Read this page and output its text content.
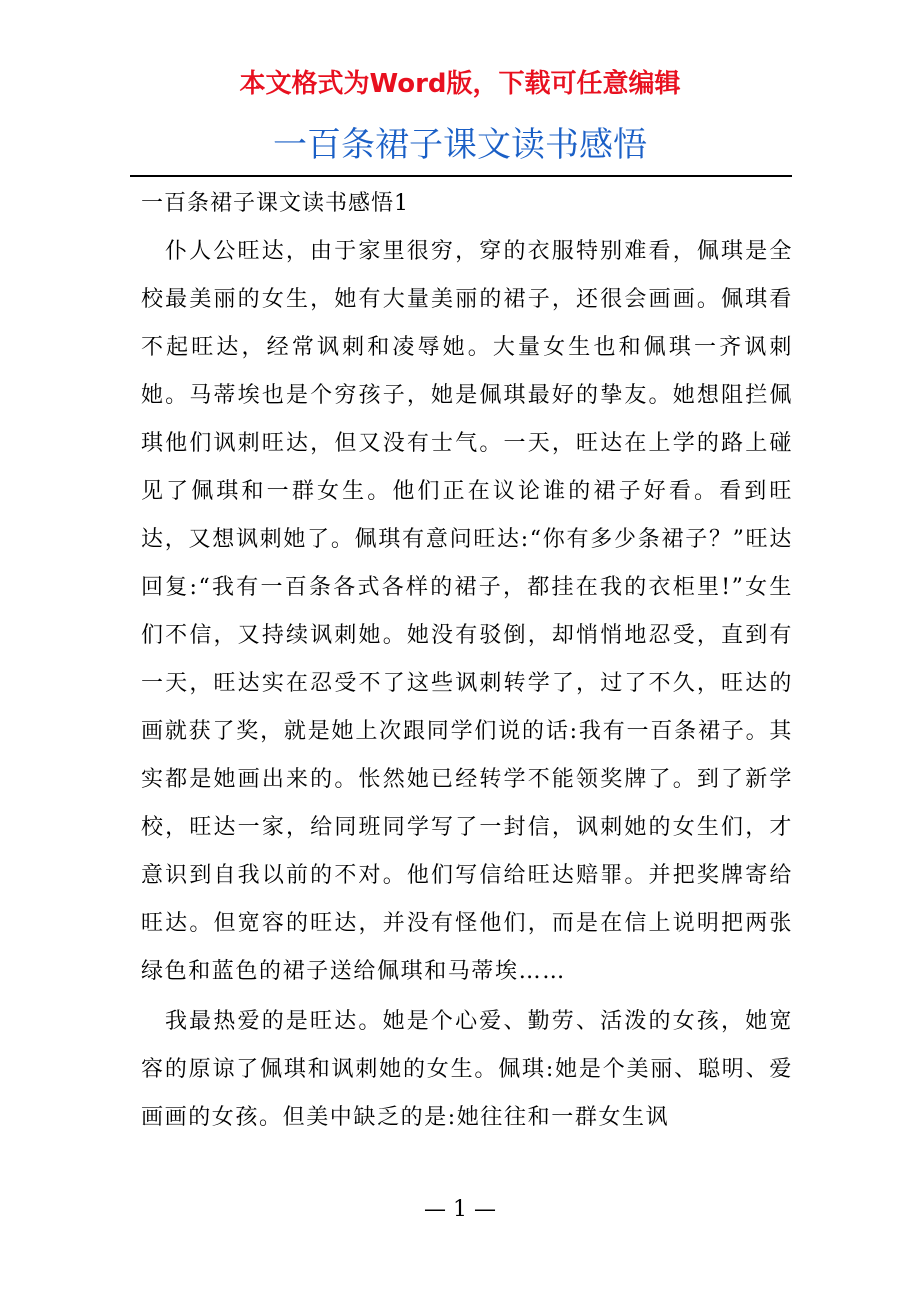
本文格式为Word版，下载可任意编辑
一百条裙子课文读书感悟

一百条裙子课文读书感悟1

仆人公旺达，由于家里很穷，穿的衣服特别难看，佩琪是全校最美丽的女生，她有大量美丽的裙子，还很会画画。佩琪看不起旺达，经常讽刺和凌辱她。大量女生也和佩琪一齐讽刺她。马蒂埃也是个穷孩子，她是佩琪最好的挚友。她想阻拦佩琪他们讽刺旺达，但又没有士气。一天，旺达在上学的路上碰见了佩琪和一群女生。他们正在议论谁的裙子好看。看到旺达，又想讽刺她了。佩琪有意问旺达:“你有多少条裙子？”旺达回复:“我有一百条各式各样的裙子，都挂在我的衣柜里!”女生们不信，又持续讽刺她。她没有驳倒，却悄悄地忍受，直到有一天，旺达实在忍受不了这些讽刺转学了，过了不久，旺达的画就获了奖，就是她上次跟同学们说的话:我有一百条裙子。其实都是她画出来的。怅然她已经转学不能领奖牌了。到了新学校，旺达一家，给同班同学写了一封信，讽刺她的女生们，才意识到自我以前的不对。他们写信给旺达赔罪。并把奖牌寄给旺达。但宽容的旺达，并没有怪他们，而是在信上说明把两张绿色和蓝色的裙子送给佩琪和马蒂埃……

我最热爱的是旺达。她是个心爱、勤劳、活泼的女孩，她宽容的原谅了佩琪和讽刺她的女生。佩琪:她是个美丽、聪明、爱画画的女孩。但美中缺乏的是:她往往和一群女生讽

— 1 —
